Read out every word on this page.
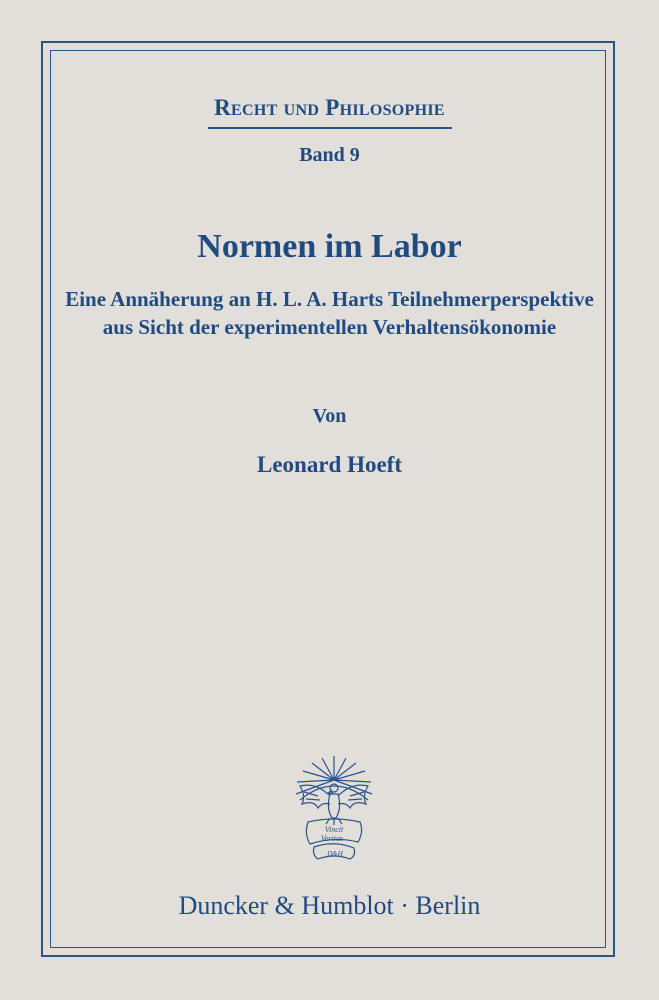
Recht und Philosophie
Band 9
Normen im Labor
Eine Annäherung an H. L. A. Harts Teilnehmerperspektive
aus Sicht der experimentellen Verhaltensökonomie
Von
Leonard Hoeft
Vincit
Veritas
D&H
Duncker & Humblot · Berlin
